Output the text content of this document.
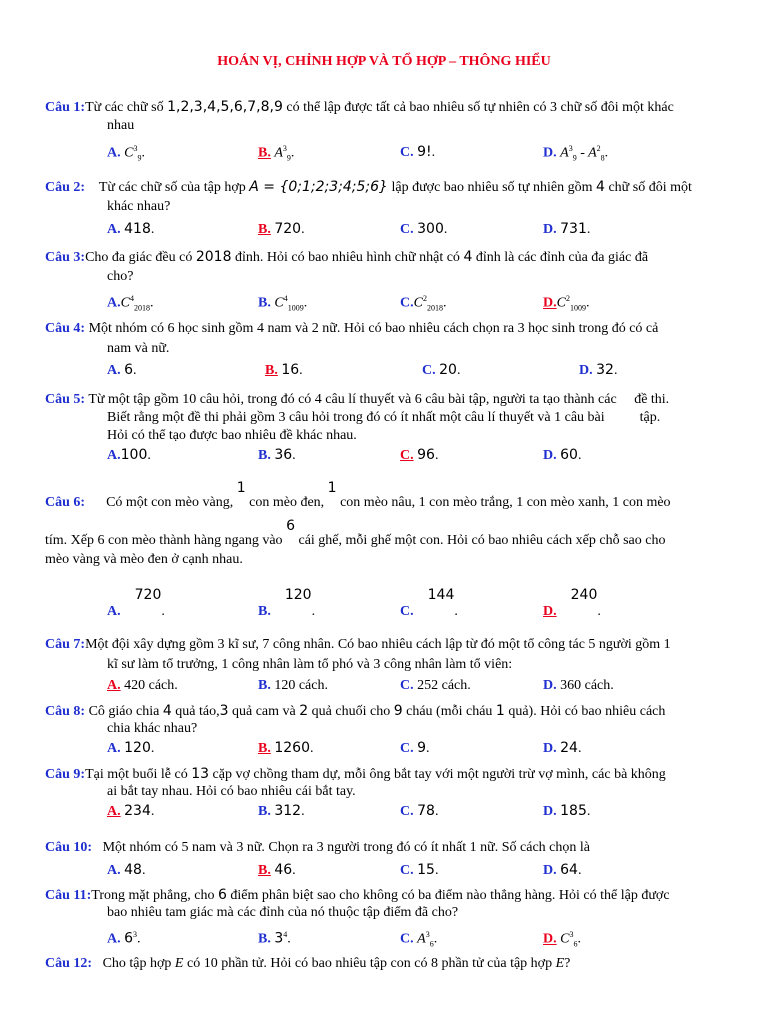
HOÁN VỊ, CHỈNH HỢP VÀ TỔ HỢP – THÔNG HIỂU
Câu 1:Từ các chữ số 1,2,3,4,5,6,7,8,9 có thể lập được tất cả bao nhiêu số tự nhiên có 3 chữ số đôi một khác
nhau
A. $C^3_9$.	B. $A^3_9$.	C. 9!.	D. $A^3_9 - A^2_8$.
Câu 2: Từ các chữ số của tập hợp A = {0;1;2;3;4;5;6} lập được bao nhiêu số tự nhiên gồm 4 chữ số đôi một
khác nhau?
A. 418.	B. 720.	C. 300.	D. 731.
Câu 3:Cho đa giác đều có 2018 đỉnh. Hỏi có bao nhiêu hình chữ nhật có 4 đỉnh là các đỉnh của đa giác đã
cho?
$A.C^4_{2018}$.	B. $C^4_{1009}$.	$C.C^2_{2018}$.	$D.C^2_{1009}$.
Câu 4: Một nhóm có 6 học sinh gồm 4 nam và 2 nữ. Hỏi có bao nhiêu cách chọn ra 3 học sinh trong đó có cả
nam và nữ.
A. 6.	B. 16.	C. 20.	D. 32.
Câu 5: Từ một tập gồm 10 câu hỏi, trong đó có 4 câu lí thuyết và 6 câu bài tập, người ta tạo thành các     đề thi.
Biết rằng một đề thi phải gồm 3 câu hỏi trong đó có ít nhất một câu lí thuyết và 1 câu bài          tập.
Hỏi có thể tạo được bao nhiêu đề khác nhau.
A.100.	B. 36.	C. 96.	D. 60.
Câu 6: Có một con mèo vàng, 1 con mèo đen, 1 con mèo nâu, 1 con mèo trắng, 1 con mèo xanh, 1 con mèo
tím. Xếp 6 con mèo thành hàng ngang vào 6 cái ghế, mỗi ghế một con. Hỏi có bao nhiêu cách xếp chỗ sao cho
mèo vàng và mèo đen ở cạnh nhau.
A.    720.	B.    120.	C.    144.	D.    240.
Câu 7:Một đội xây dựng gồm 3 kĩ sư, 7 công nhân. Có bao nhiêu cách lập từ đó một tổ công tác 5 người gồm 1
kĩ sư làm tổ trưởng, 1 công nhân làm tổ phó và 3 công nhân làm tổ viên:
A. 420 cách.	B. 120 cách.	C. 252 cách.	D. 360 cách.
Câu 8: Cô giáo chia 4 quả táo,3 quả cam và 2 quả chuối cho 9 cháu (mỗi cháu 1 quả). Hỏi có bao nhiêu cách
chia khác nhau?
A. 120.	B. 1260.	C. 9.	D. 24.
Câu 9:Tại một buổi lễ có 13 cặp vợ chồng tham dự, mỗi ông bắt tay với một người trừ vợ mình, các bà không
ai bắt tay nhau. Hỏi có bao nhiêu cái bắt tay.
A. 234.	B. 312.	C. 78.	D. 185.
Câu 10: Một nhóm có 5 nam và 3 nữ. Chọn ra 3 người trong đó có ít nhất 1 nữ. Số cách chọn là
A. 48.	B. 46.	C. 15.	D. 64.
Câu 11:Trong mặt phẳng, cho 6 điểm phân biệt sao cho không có ba điểm nào thẳng hàng. Hỏi có thể lập được
bao nhiêu tam giác mà các đỉnh của nó thuộc tập điểm đã cho?
A. $6^3$.	B. $3^4$.	C. $A^3_6$.	D. $C^3_6$.
Câu 12: Cho tập hợp E có 10 phần tử. Hỏi có bao nhiêu tập con có 8 phần tử của tập hợp E?
